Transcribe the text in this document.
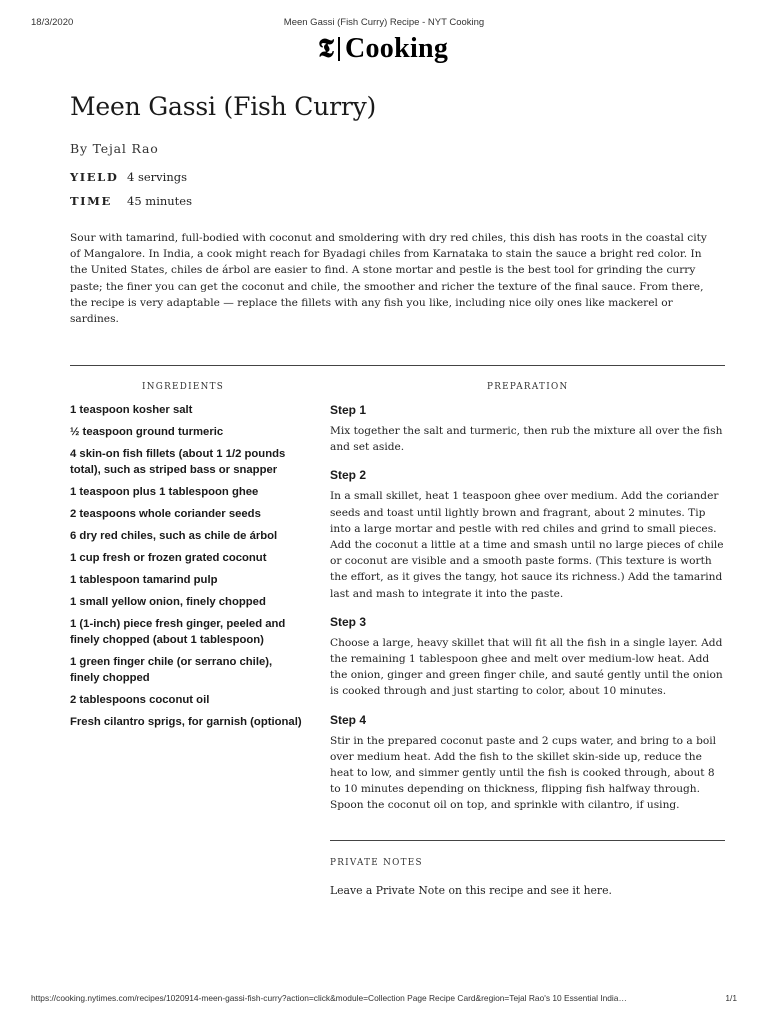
Meen Gassi (Fish Curry) Recipe - NYT Cooking
18/3/2020
𝕿 Cooking
Meen Gassi (Fish Curry)
By Tejal Rao
YIELD 4 servings
TIME	45 minutes

Sour with tamarind, full-bodied with coconut and smoldering with dry red chiles, this dish has roots in the coastal city of Mangalore. In India, a cook might reach for Byadagi chiles from Karnataka to stain the sauce a bright red color. In the United States, chiles de árbol are easier to find. A stone mortar and pestle is the best tool for grinding the curry paste; the finer you can get the coconut and chile, the smoother and richer the texture of the final sauce. From there, the recipe is very adaptable — replace the fillets with any fish you like, including nice oily ones like mackerel or sardines.

INGREDIENTS	PREPARATION
1 teaspoon kosher salt
½ teaspoon ground turmeric
4 skin-on fish fillets (about 1 1/2 pounds total), such as striped bass or snapper
1 teaspoon plus 1 tablespoon ghee
2 teaspoons whole coriander seeds
6 dry red chiles, such as chile de árbol
1 cup fresh or frozen grated coconut
1 tablespoon tamarind pulp
1 small yellow onion, finely chopped
1 (1-inch) piece fresh ginger, peeled and finely chopped (about 1 tablespoon)
1 green finger chile (or serrano chile), finely chopped
2 tablespoons coconut oil
Fresh cilantro sprigs, for garnish (optional)
Step 1

Mix together the salt and turmeric, then rub the mixture all over the fish and set aside.

Step 2

In a small skillet, heat 1 teaspoon ghee over medium. Add the coriander seeds and toast until lightly brown and fragrant, about 2 minutes. Tip into a large mortar and pestle with red chiles and grind to small pieces. Add the coconut a little at a time and smash until no large pieces of chile or coconut are visible and a smooth paste forms. (This texture is worth the effort, as it gives the tangy, hot sauce its richness.) Add the tamarind last and mash to integrate it into the paste.

Step 3

Choose a large, heavy skillet that will fit all the fish in a single layer. Add the remaining 1 tablespoon ghee and melt over medium-low heat. Add the onion, ginger and green finger chile, and sauté gently until the onion is cooked through and just starting to color, about 10 minutes.

Step 4

Stir in the prepared coconut paste and 2 cups water, and bring to a boil over medium heat. Add the fish to the skillet skin-side up, reduce the heat to low, and simmer gently until the fish is cooked through, about 8 to 10 minutes depending on thickness, flipping fish halfway through. Spoon the coconut oil on top, and sprinkle with cilantro, if using.

PRIVATE NOTES
Leave a Private Note on this recipe and see it here.
https://cooking.nytimes.com/recipes/1020914-meen-gassi-fish-curry?action=click&module=Collection Page Recipe Card&region=Tejal Rao's 10 Essential India…	1/1
